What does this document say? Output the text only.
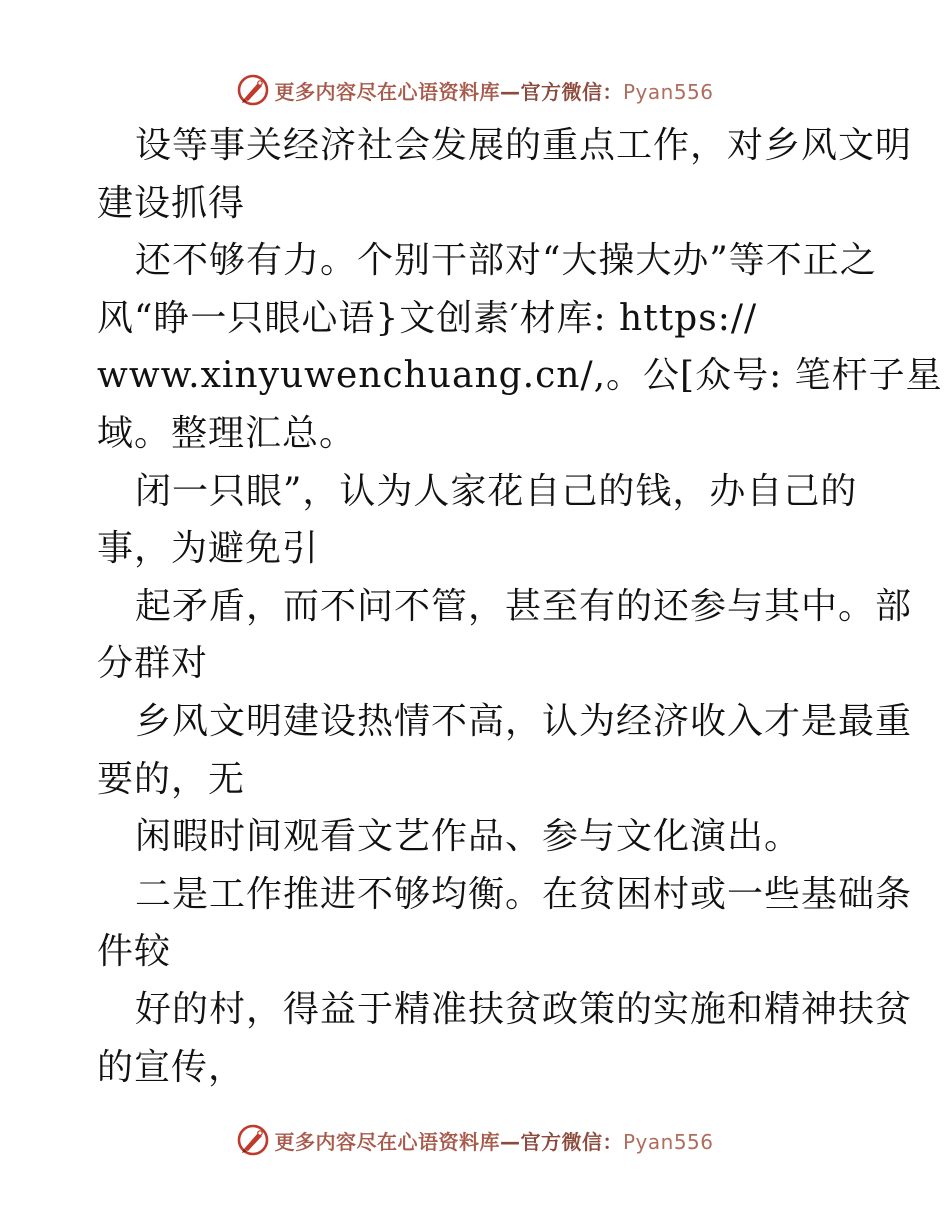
更多内容尽在心语资料库—官方微信：Pyan556
设等事关经济社会发展的重点工作，对乡风文明
建设抓得
还不够有力。个别干部对“大操大办”等不正之
风“睁一只眼心语}文创素′材库: https://
www.xinyuwenchuang.cn/,。公[众号: 笔杆子星
域。整理汇总。
闭一只眼”，认为人家花自己的钱，办自己的
事，为避免引
起矛盾，而不问不管，甚至有的还参与其中。部
分群对
乡风文明建设热情不高，认为经济收入才是最重
要的，无
闲暇时间观看文艺作品、参与文化演出。
二是工作推进不够均衡。在贫困村或一些基础条
件较
好的村，得益于精准扶贫政策的实施和精神扶贫
的宣传，
更多内容尽在心语资料库—官方微信：Pyan556
